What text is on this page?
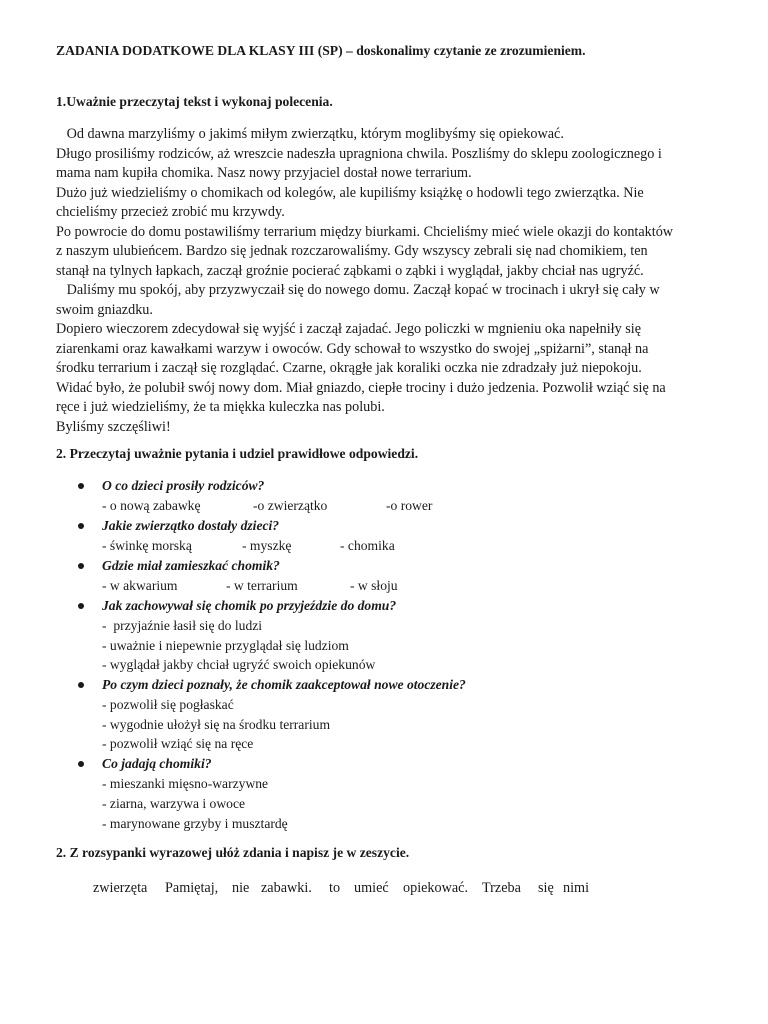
ZADANIA DODATKOWE DLA KLASY III (SP) – doskonalimy czytanie ze zrozumieniem.

1.Uważnie przeczytaj tekst i wykonaj polecenia.

Od dawna marzyliśmy o jakimś miłym zwierzątku, którym moglibyśmy się opiekować.
Długo prosiliśmy rodziców, aż wreszcie nadeszła upragniona chwila. Poszliśmy do sklepu zoologicznego i
mama nam kupiła chomika. Nasz nowy przyjaciel dostał nowe terrarium.
Dużo już wiedzieliśmy o chomikach od kolegów, ale kupiliśmy książkę o hodowli tego zwierzątka. Nie
chcieliśmy przecież zrobić mu krzywdy.
Po powrocie do domu postawiliśmy terrarium między biurkami. Chcieliśmy mieć wiele okazji do kontaktów
z naszym ulubieńcem. Bardzo się jednak rozczarowaliśmy. Gdy wszyscy zebrali się nad chomikiem, ten
stanął na tylnych łapkach, zaczął groźnie pocierać ząbkami o ząbki i wyglądał, jakby chciał nas ugryźć.
Daliśmy mu spokój, aby przyzwyczaił się do nowego domu. Zaczął kopać w trocinach i ukrył się cały w
swoim gniazdku.
Dopiero wieczorem zdecydował się wyjść i zaczął zajadać. Jego policzki w mgnieniu oka napełniły się
ziarenkami oraz kawałkami warzyw i owoców. Gdy schował to wszystko do swojej „spiżarni”, stanął na
środku terrarium i zaczął się rozglądać. Czarne, okrągłe jak koraliki oczka nie zdradzały już niepokoju.
Widać było, że polubił swój nowy dom. Miał gniazdo, ciepłe trociny i dużo jedzenia. Pozwolił wziąć się na
ręce i już wiedzieliśmy, że ta miękka kuleczka nas polubi.
Byliśmy szczęśliwi!

2. Przeczytaj uważnie pytania i udziel prawidłowe odpowiedzi.

O co dzieci prosiły rodziców?
- o nową zabawkę	-o zwierzątko	-o rower
Jakie zwierzątko dostały dzieci?
- świnkę morską	- myszkę	- chomika
Gdzie miał zamieszkać chomik?
- w akwarium	- w terrarium	- w słoju
Jak zachowywał się chomik po przyjeździe do domu?
-  przyjaźnie łasił się do ludzi
- uważnie i niepewnie przyglądał się ludziom
- wyglądał jakby chciał ugryźć swoich opiekunów
Po czym dzieci poznały, że chomik zaakceptował nowe otoczenie?
- pozwolił się pogłaskać
- wygodnie ułożył się na środku terrarium
- pozwolił wziąć się na ręce
Co jadają chomiki?
- mieszanki mięsno-warzywne
- ziarna, warzywa i owoce
- marynowane grzyby i musztardę

2. Z rozsypanki wyrazowej ułóż zdania i napisz je w zeszycie.

zwierzęta Pamiętaj, nie zabawki. to umieć opiekować. Trzeba się nimi
